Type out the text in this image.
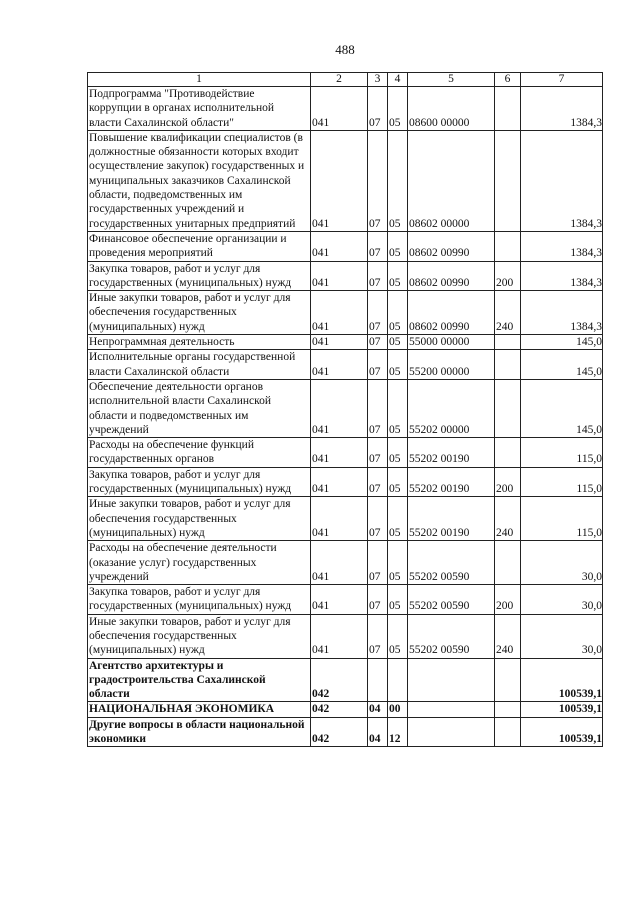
488
1	2	3	4	5	6	7
Подпрограмма "Противодействие коррупции в органах исполнительной власти Сахалинской области"	041	07	05	08600 00000		1384,3
Повышение квалификации специалистов (в должностные обязанности которых входит осуществление закупок) государственных и муниципальных заказчиков Сахалинской области, подведомственных им государственных учреждений и государственных унитарных предприятий	041	07	05	08602 00000		1384,3
Финансовое обеспечение организации и проведения мероприятий	041	07	05	08602 00990		1384,3
Закупка товаров, работ и услуг для государственных (муниципальных) нужд	041	07	05	08602 00990	200	1384,3
Иные закупки товаров, работ и услуг для обеспечения государственных (муниципальных) нужд	041	07	05	08602 00990	240	1384,3
Непрограммная деятельность	041	07	05	55000 00000		145,0
Исполнительные органы государственной власти Сахалинской области	041	07	05	55200 00000		145,0
Обеспечение деятельности органов исполнительной власти Сахалинской области и подведомственных им учреждений	041	07	05	55202 00000		145,0
Расходы на обеспечение функций государственных органов	041	07	05	55202 00190		115,0
Закупка товаров, работ и услуг для государственных (муниципальных) нужд	041	07	05	55202 00190	200	115,0
Иные закупки товаров, работ и услуг для обеспечения государственных (муниципальных) нужд	041	07	05	55202 00190	240	115,0
Расходы на обеспечение деятельности (оказание услуг) государственных учреждений	041	07	05	55202 00590		30,0
Закупка товаров, работ и услуг для государственных (муниципальных) нужд	041	07	05	55202 00590	200	30,0
Иные закупки товаров, работ и услуг для обеспечения государственных (муниципальных) нужд	041	07	05	55202 00590	240	30,0
Агентство архитектуры и градостроительства Сахалинской области	042					100539,1
НАЦИОНАЛЬНАЯ ЭКОНОМИКА	042	04	00			100539,1
Другие вопросы в области национальной экономики	042	04	12			100539,1
